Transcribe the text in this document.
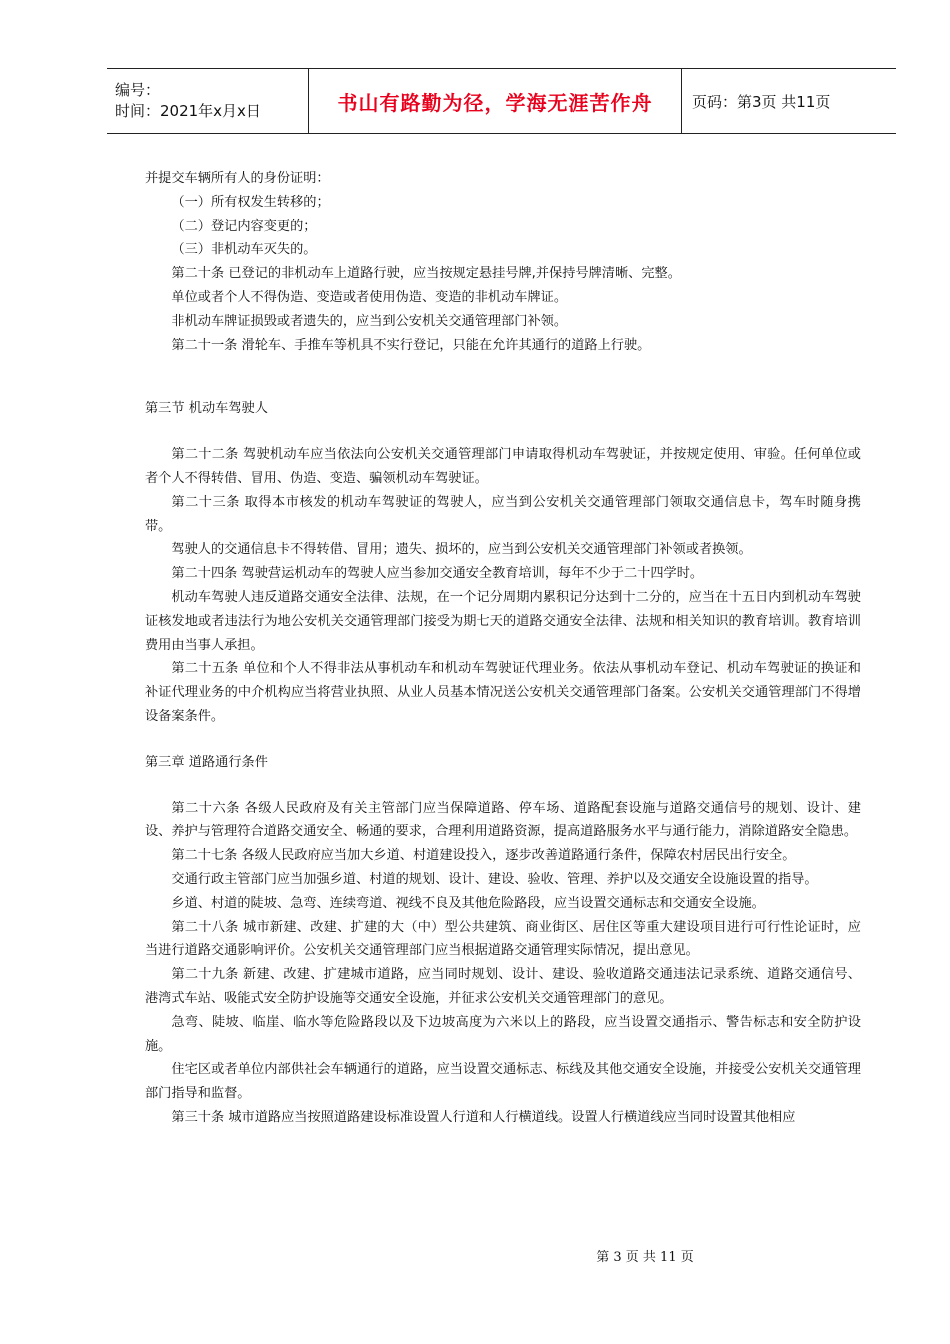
编号：
时间：2021年x月x日	书山有路勤为径，学海无涯苦作舟	页码：第3页 共11页

并提交车辆所有人的身份证明：

（一）所有权发生转移的；

（二）登记内容变更的；

（三）非机动车灭失的。

第二十条 已登记的非机动车上道路行驶，应当按规定悬挂号牌,并保持号牌清晰、完整。

单位或者个人不得伪造、变造或者使用伪造、变造的非机动车牌证。

非机动车牌证损毁或者遗失的，应当到公安机关交通管理部门补领。

第二十一条 滑轮车、手推车等机具不实行登记，只能在允许其通行的道路上行驶。

第三节 机动车驾驶人

第二十二条 驾驶机动车应当依法向公安机关交通管理部门申请取得机动车驾驶证，并按规定使用、审验。任何单位或者个人不得转借、冒用、伪造、变造、骗领机动车驾驶证。

第二十三条 取得本市核发的机动车驾驶证的驾驶人，应当到公安机关交通管理部门领取交通信息卡，驾车时随身携带。

驾驶人的交通信息卡不得转借、冒用；遗失、损坏的，应当到公安机关交通管理部门补领或者换领。

第二十四条 驾驶营运机动车的驾驶人应当参加交通安全教育培训，每年不少于二十四学时。

机动车驾驶人违反道路交通安全法律、法规，在一个记分周期内累积记分达到十二分的，应当在十五日内到机动车驾驶证核发地或者违法行为地公安机关交通管理部门接受为期七天的道路交通安全法律、法规和相关知识的教育培训。教育培训费用由当事人承担。

第二十五条 单位和个人不得非法从事机动车和机动车驾驶证代理业务。依法从事机动车登记、机动车驾驶证的换证和补证代理业务的中介机构应当将营业执照、从业人员基本情况送公安机关交通管理部门备案。公安机关交通管理部门不得增设备案条件。

第三章 道路通行条件

第二十六条 各级人民政府及有关主管部门应当保障道路、停车场、道路配套设施与道路交通信号的规划、设计、建设、养护与管理符合道路交通安全、畅通的要求，合理利用道路资源，提高道路服务水平与通行能力，消除道路安全隐患。

第二十七条 各级人民政府应当加大乡道、村道建设投入，逐步改善道路通行条件，保障农村居民出行安全。

交通行政主管部门应当加强乡道、村道的规划、设计、建设、验收、管理、养护以及交通安全设施设置的指导。

乡道、村道的陡坡、急弯、连续弯道、视线不良及其他危险路段，应当设置交通标志和交通安全设施。

第二十八条 城市新建、改建、扩建的大（中）型公共建筑、商业街区、居住区等重大建设项目进行可行性论证时，应当进行道路交通影响评价。公安机关交通管理部门应当根据道路交通管理实际情况，提出意见。

第二十九条 新建、改建、扩建城市道路，应当同时规划、设计、建设、验收道路交通违法记录系统、道路交通信号、港湾式车站、吸能式安全防护设施等交通安全设施，并征求公安机关交通管理部门的意见。

急弯、陡坡、临崖、临水等危险路段以及下边坡高度为六米以上的路段，应当设置交通指示、警告标志和安全防护设施。

住宅区或者单位内部供社会车辆通行的道路，应当设置交通标志、标线及其他交通安全设施，并接受公安机关交通管理部门指导和监督。

第三十条 城市道路应当按照道路建设标准设置人行道和人行横道线。设置人行横道线应当同时设置其他相应

第 3 页 共 11 页
